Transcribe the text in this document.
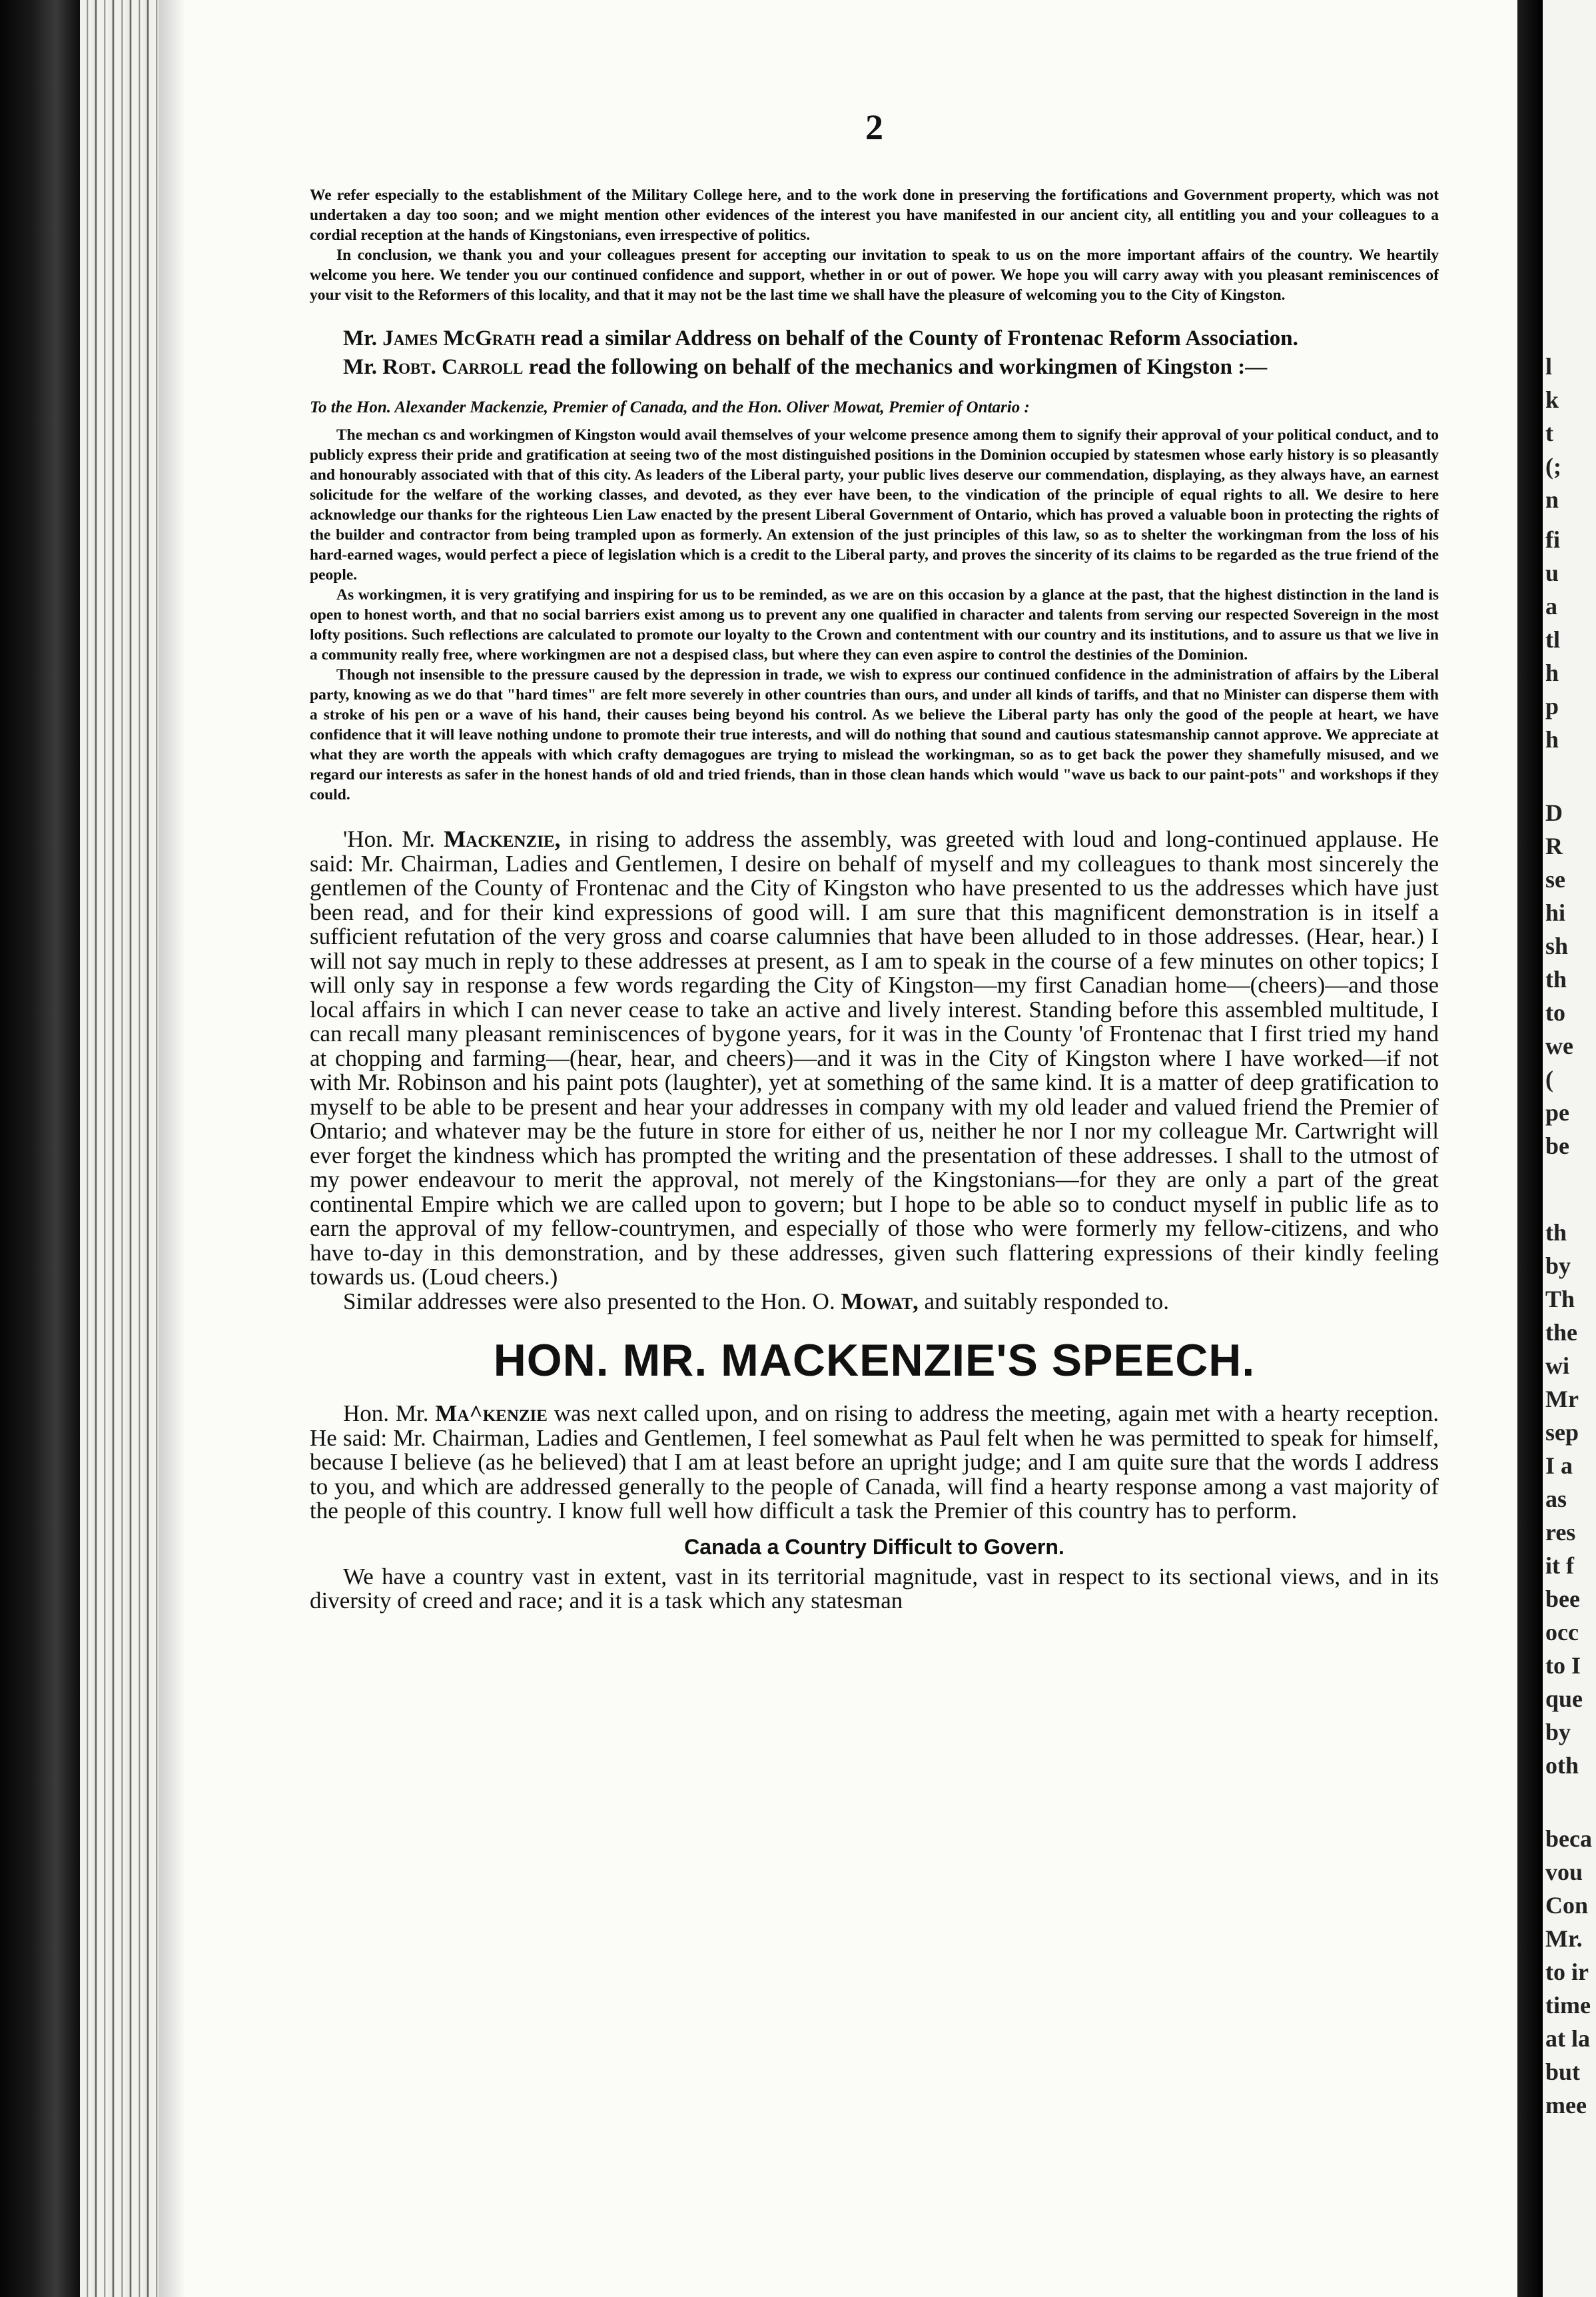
2

We refer especially to the establishment of the Military College here, and to the work done in preserving the fortifications and Government property, which was not undertaken a day too soon; and we might mention other evidences of the interest you have manifested in our ancient city, all entitling you and your colleagues to a cordial reception at the hands of Kingstonians, even irrespective of politics.

In conclusion, we thank you and your colleagues present for accepting our invitation to speak to us on the more important affairs of the country. We heartily welcome you here. We tender you our continued confidence and support, whether in or out of power. We hope you will carry away with you pleasant reminiscences of your visit to the Reformers of this locality, and that it may not be the last time we shall have the pleasure of welcoming you to the City of Kingston.

Mr. James McGrath read a similar Address on behalf of the County of Frontenac Reform Association.

Mr. Robt. Carroll read the following on behalf of the mechanics and workingmen of Kingston :—

To the Hon. Alexander Mackenzie, Premier of Canada, and the Hon. Oliver Mowat, Premier of Ontario :

The mechan cs and workingmen of Kingston would avail themselves of your welcome presence among them to signify their approval of your political conduct, and to publicly express their pride and gratification at seeing two of the most distinguished positions in the Dominion occupied by statesmen whose early history is so pleasantly and honourably associated with that of this city. As leaders of the Liberal party, your public lives deserve our commendation, displaying, as they always have, an earnest solicitude for the welfare of the working classes, and devoted, as they ever have been, to the vindication of the principle of equal rights to all. We desire to here acknowledge our thanks for the righteous Lien Law enacted by the present Liberal Government of Ontario, which has proved a valuable boon in protecting the rights of the builder and contractor from being trampled upon as formerly. An extension of the just principles of this law, so as to shelter the workingman from the loss of his hard-earned wages, would perfect a piece of legislation which is a credit to the Liberal party, and proves the sincerity of its claims to be regarded as the true friend of the people.

As workingmen, it is very gratifying and inspiring for us to be reminded, as we are on this occasion by a glance at the past, that the highest distinction in the land is open to honest worth, and that no social barriers exist among us to prevent any one qualified in character and talents from serving our respected Sovereign in the most lofty positions. Such reflections are calculated to promote our loyalty to the Crown and contentment with our country and its institutions, and to assure us that we live in a community really free, where workingmen are not a despised class, but where they can even aspire to control the destinies of the Dominion.

Though not insensible to the pressure caused by the depression in trade, we wish to express our continued confidence in the administration of affairs by the Liberal party, knowing as we do that "hard times" are felt more severely in other countries than ours, and under all kinds of tariffs, and that no Minister can disperse them with a stroke of his pen or a wave of his hand, their causes being beyond his control. As we believe the Liberal party has only the good of the people at heart, we have confidence that it will leave nothing undone to promote their true interests, and will do nothing that sound and cautious statesmanship cannot approve. We appreciate at what they are worth the appeals with which crafty demagogues are trying to mislead the workingman, so as to get back the power they shamefully misused, and we regard our interests as safer in the honest hands of old and tried friends, than in those clean hands which would "wave us back to our paint-pots" and workshops if they could.

'Hon. Mr. Mackenzie, in rising to address the assembly, was greeted with loud and long-continued applause. He said: Mr. Chairman, Ladies and Gentlemen, I desire on behalf of myself and my colleagues to thank most sincerely the gentlemen of the County of Frontenac and the City of Kingston who have presented to us the addresses which have just been read, and for their kind expressions of good will. I am sure that this magnificent demonstration is in itself a sufficient refutation of the very gross and coarse calumnies that have been alluded to in those addresses. (Hear, hear.) I will not say much in reply to these addresses at present, as I am to speak in the course of a few minutes on other topics; I will only say in response a few words regarding the City of Kingston—my first Canadian home—(cheers)—and those local affairs in which I can never cease to take an active and lively interest. Standing before this assembled multitude, I can recall many pleasant reminiscences of bygone years, for it was in the County 'of Frontenac that I first tried my hand at chopping and farming—(hear, hear, and cheers)—and it was in the City of Kingston where I have worked—if not with Mr. Robinson and his paint pots (laughter), yet at something of the same kind. It is a matter of deep gratification to myself to be able to be present and hear your addresses in company with my old leader and valued friend the Premier of Ontario; and whatever may be the future in store for either of us, neither he nor I nor my colleague Mr. Cartwright will ever forget the kindness which has prompted the writing and the presentation of these addresses. I shall to the utmost of my power endeavour to merit the approval, not merely of the Kingstonians—for they are only a part of the great continental Empire which we are called upon to govern; but I hope to be able so to conduct myself in public life as to earn the approval of my fellow-countrymen, and especially of those who were formerly my fellow-citizens, and who have to-day in this demonstration, and by these addresses, given such flattering expressions of their kindly feeling towards us. (Loud cheers.)

Similar addresses were also presented to the Hon. O. Mowat, and suitably responded to.

HON. MR. MACKENZIE'S SPEECH.

Hon. Mr. Ma^kenzie was next called upon, and on rising to address the meeting, again met with a hearty reception. He said: Mr. Chairman, Ladies and Gentlemen, I feel somewhat as Paul felt when he was permitted to speak for himself, because I believe (as he believed) that I am at least before an upright judge; and I am quite sure that the words I address to you, and which are addressed generally to the people of Canada, will find a hearty response among a vast majority of the people of this country. I know full well how difficult a task the Premier of this country has to perform.

Canada a Country Difficult to Govern.

We have a country vast in extent, vast in its territorial magnitude, vast in respect to its sectional views, and in its diversity of creed and race; and it is a task which any statesman

l
k
t
(;
n
fi
u
a
tl
h
p
h
D
R
se
hi
sh
th
to
we
(
pe
be
th
by
Th
the
wi
Mr
sep
I a
as
res
it f
bee
occ
to I
que
by
oth
beca
vou
Con
Mr.
to ir
time
at la
but
mee
